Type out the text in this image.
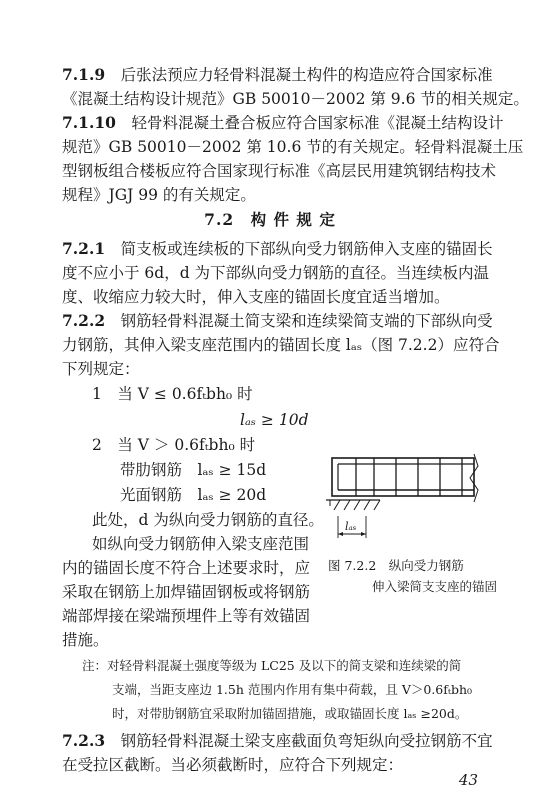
7.1.9　 后张法预应力轻骨料混凝土构件的构造应符合国家标准
《混凝土结构设计规范》GB 50010－2002 第 9.6 节的相关规定。
7.1.10　 轻骨料混凝土叠合板应符合国家标准《混凝土结构设计
规范》GB 50010－2002 第 10.6 节的有关规定。轻骨料混凝土压
型钢板组合楼板应符合国家现行标准《高层民用建筑钢结构技术
规程》JGJ 99 的有关规定。
7.2　构 件 规 定
7.2.1　 简支板或连续板的下部纵向受力钢筋伸入支座的锚固长
度不应小于 6d，d 为下部纵向受力钢筋的直径。当连续板内温
度、收缩应力较大时，伸入支座的锚固长度宜适当增加。
7.2.2　 钢筋轻骨料混凝土简支梁和连续梁简支端的下部纵向受
力钢筋，其伸入梁支座范围内的锚固长度 lₐₛ（图 7.2.2）应符合
下列规定：
1　当 V ≤ 0.6fₜbh₀ 时
lₐₛ ≥ 10d
2　当 V ＞ 0.6fₜbh₀ 时
带肋钢筋　lₐₛ ≥ 15d
光面钢筋　lₐₛ ≥ 20d
此处，d 为纵向受力钢筋的直径。
如纵向受力钢筋伸入梁支座范围
内的锚固长度不符合上述要求时，应
采取在钢筋上加焊锚固钢板或将钢筋
端部焊接在梁端预埋件上等有效锚固
措施。
lₐₛ
图 7.2.2　纵向受力钢筋
伸入梁简支支座的锚固
注：对轻骨料混凝土强度等级为 LC25 及以下的简支梁和连续梁的简
支端，当距支座边 1.5h 范围内作用有集中荷载，且 V＞0.6fₜbh₀
时，对带肋钢筋宜采取附加锚固措施，或取锚固长度 lₐₛ ≥20d。
7.2.3　 钢筋轻骨料混凝土梁支座截面负弯矩纵向受拉钢筋不宜
在受拉区截断。当必须截断时，应符合下列规定：
43
